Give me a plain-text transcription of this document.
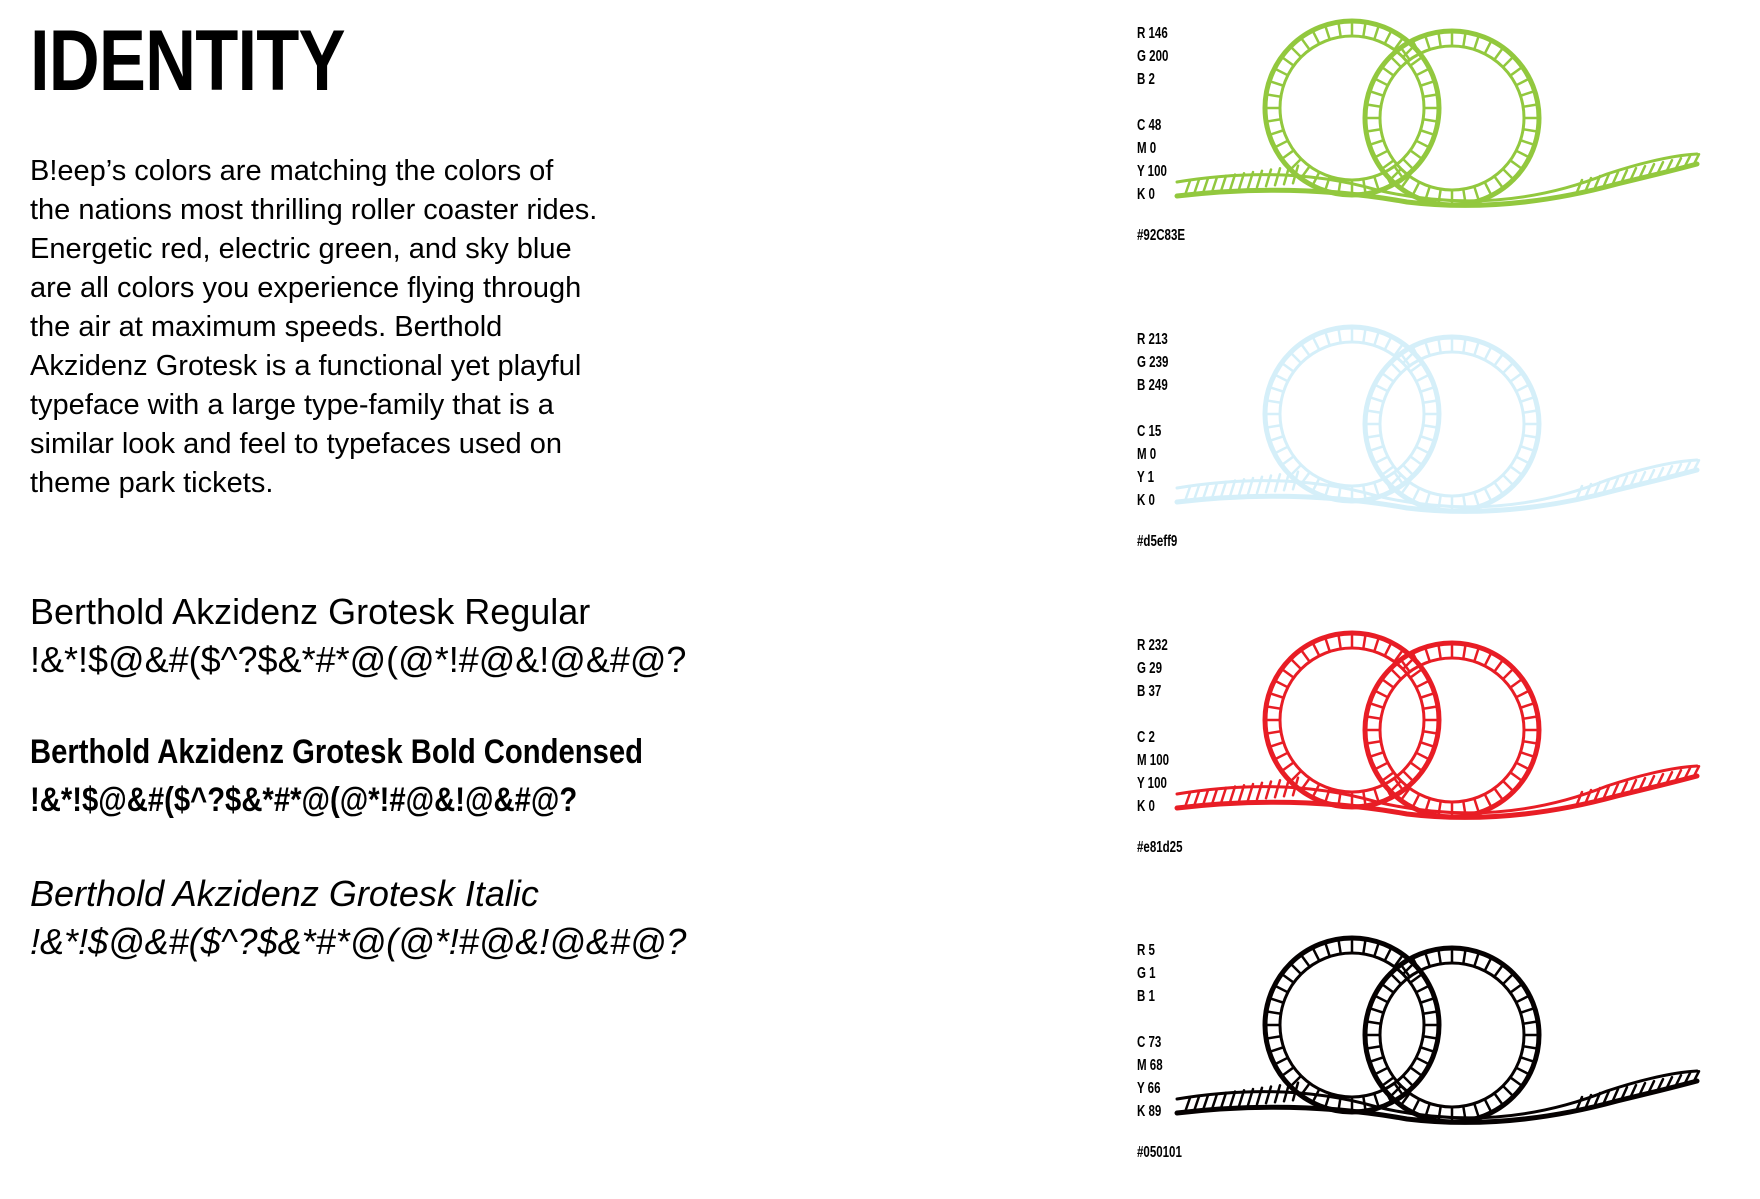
IDENTITY

B!eep’s colors are matching the colors of
the nations most thrilling roller coaster rides.
Energetic red, electric green, and sky blue
are all colors you experience flying through
the air at maximum speeds. Berthold
Akzidenz Grotesk is a functional yet playful
typeface with a large type-family that is a
similar look and feel to typefaces used on
theme park tickets.

Berthold Akzidenz Grotesk Regular
!&*!$@&#($^?$&*#*@(@*!#@&!@&#@?
Berthold Akzidenz Grotesk Bold Condensed
!&*!$@&#($^?$&*#*@(@*!#@&!@&#@?
Berthold Akzidenz Grotesk Italic
!&*!$@&#($^?$&*#*@(@*!#@&!@&#@?
R 146
G 200
B 2
C 48
M 0
Y 100
K 0
#92C83E
R 213
G 239
B 249
C 15
M 0
Y 1
K 0
#d5eff9
R 232
G 29
B 37
C 2
M 100
Y 100
K 0
#e81d25
R 5
G 1
B 1
C 73
M 68
Y 66
K 89
#050101
